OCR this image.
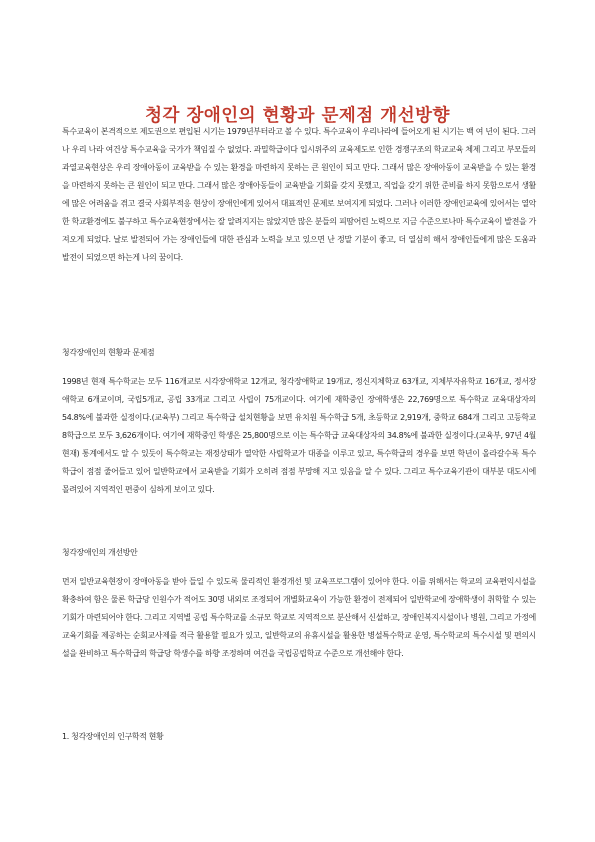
청각 장애인의 현황과 문제점 개선방향

특수교육이 본격적으로 제도권으로 편입된 시기는 1979년부터라고 볼 수 있다. 특수교육이 우리나라에 들어오게 된 시기는 백 여 년이 된다. 그러나 우리 나라 여건상 특수교육을 국가가 책임질 수 없었다. 과밀학급이다 입시위주의 교육제도로 인한 경쟁구조의 학교교육 체제 그리고 부모들의 과열교육현상은 우리 장애아동이 교육받을 수 있는 환경을 마련하지 못하는 큰 원인이 되고 만다. 그래서 많은 장애아동이 교육받을 수 있는 환경을 마련하지 못하는 큰 원인이 되고 만다. 그래서 많은 장애아동들이 교육받을 기회를 갖지 못했고, 직업을 갖기 위한 준비를 하지 못함으로서 생활에 많은 어려움을 겪고 결국 사회부적응 현상이 장애인에게 있어서 대표적인 문제로 보여지게 되었다. 그러나 이러한 장애인교육에 있어서는 열악한 학교환경에도 불구하고 특수교육현장에서는 잘 알려지지는 않았지만 많은 분들의 피땀어린 노력으로 지금 수준으로나마 특수교육이 발전을 가져오게 되었다. 날로 발전되어 가는 장애인들에 대한 관심과 노력을 보고 있으면 난 정말 기분이 좋고, 더 열심히 해서 장애인들에게 많은 도움과 발전이 되었으면 하는게 나의 꿈이다.

청각장애인의 현황과 문제점

1998년 현재 특수학교는 모두 116개교로 시각장애학교 12개교, 청각장애학교 19개교, 정신지체학교 63개교, 지체부자유학교 16개교, 정서장애학교 6개교이며, 국립5개교, 공립 33개교 그리고 사립이 75개교이다. 여기에 재학중인 장애학생은 22,769명으로 특수학교 교육대상자의 54.8%에 불과한 실정이다.(교육부) 그리고 특수학급 설치현황을 보면 유치원 특수학급 5개, 초등학교 2,919개, 중학교 684개 그리고 고등학교 8학급으로 모두 3,626개이다. 여기에 재학중인 학생은 25,800명으로 이는 특수학급 교육대상자의 34.8%에 불과한 실정이다.(교육부, 97년 4월 현재) 통계에서도 알 수 있듯이 특수학교는 재정상태가 열악한 사립학교가 대종을 이루고 있고, 특수학급의 경우를 보면 학년이 올라갈수록 특수학급이 점점 줄어들고 있어 일반학교에서 교육받을 기회가 오히려 점점 부망해 지고 있음을 알 수 있다. 그리고 특수교육기관이 대부분 대도시에 몰려있어 지역적인 편중이 심하게 보이고 있다.

청각장애인의 개선방안

먼저 일반교육현장이 장애아동을 받아 들일 수 있도록 물리적인 환경개선 및 교육프로그램이 있어야 한다. 이를 위해서는 학교의 교육편익시설을 확충하여 함은 물론 학급당 인원수가 적어도 30명 내외로 조정되어 개별화교육이 가능한 환경이 전제되어 일반학교에 장애학생이 취학할 수 있는 기회가 마련되어야 한다. 그리고 지역별 공립 특수학교를 소규모 학교로 지역적으로 분산해서 신설하고, 장애인복지시설이나 병원, 그리고 가정에 교육기회를 제공하는 순회교사제를 적극 활용할 필요가 있고, 일반학교의 유휴시설을 활용한 병설특수학교 운영, 특수학교의 특수시설 및 편의시설을 완비하고 특수학급의 학급당 학생수를 하향 조정하며 여건을 국립공립학교 수준으로 개선해야 한다.

1. 청각장애인의 인구학적 현황
